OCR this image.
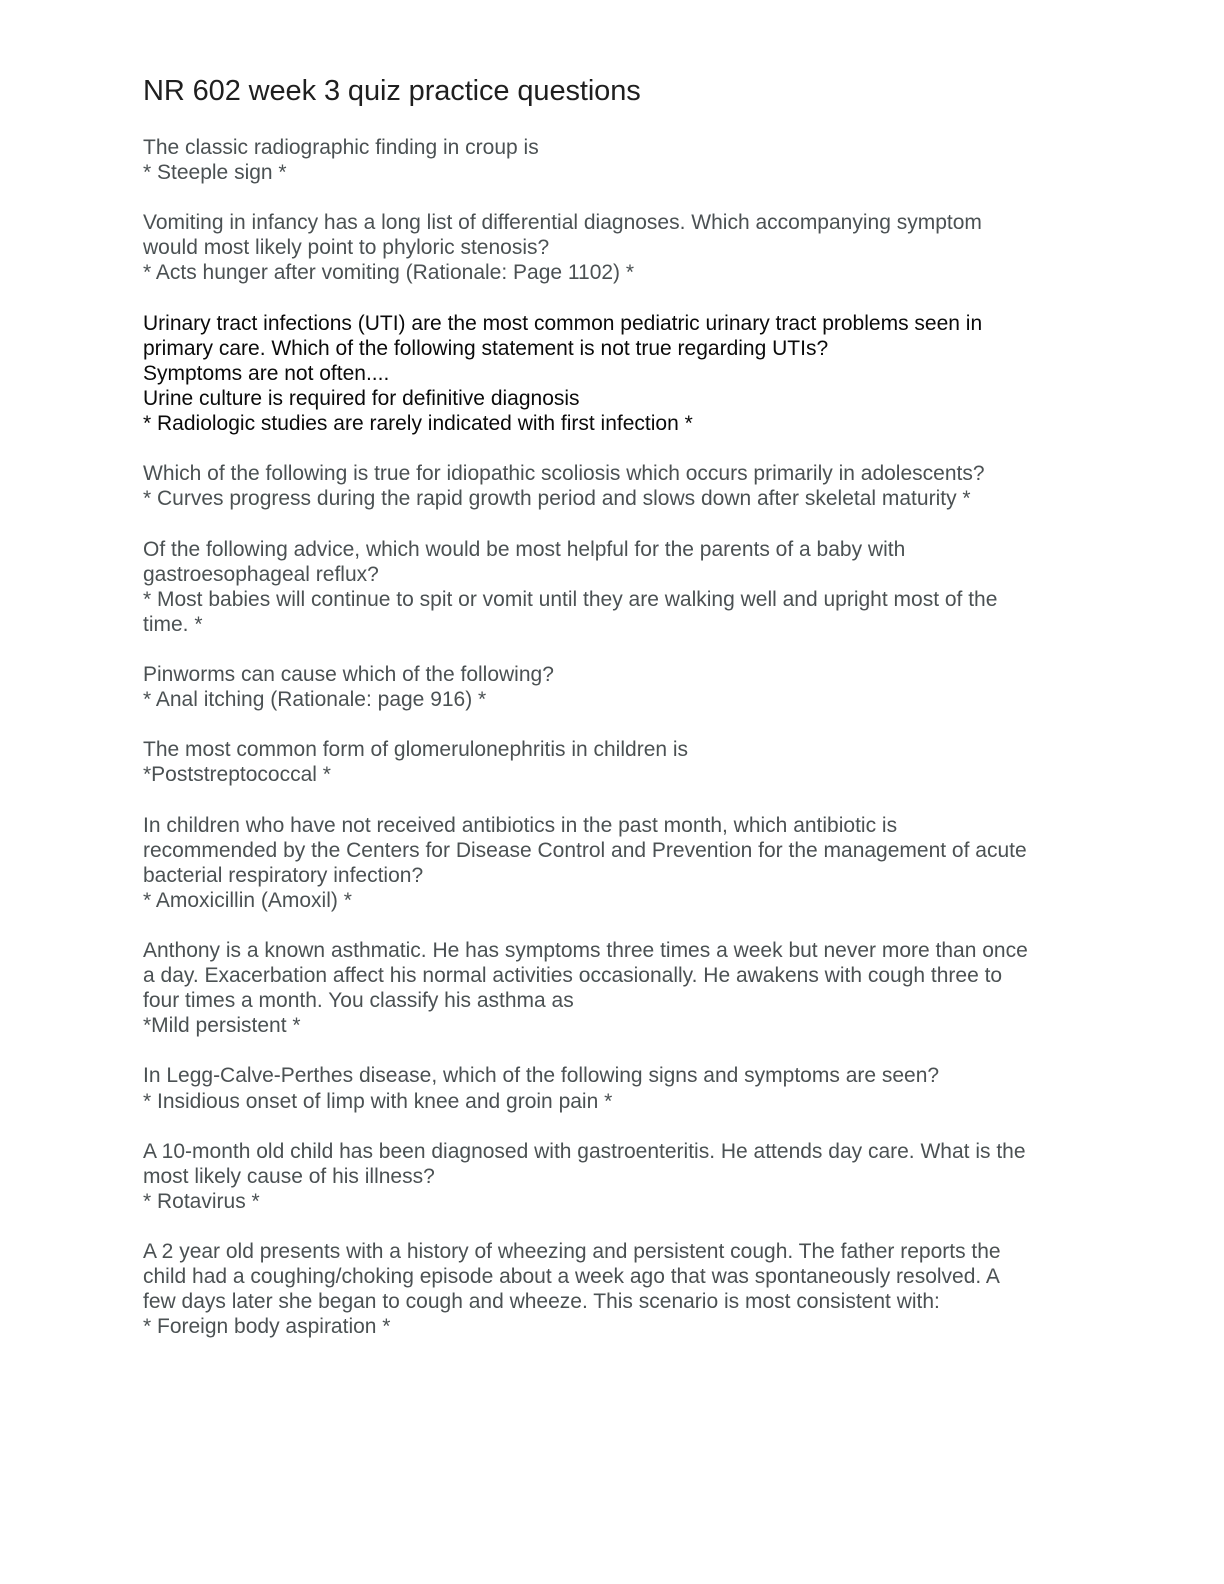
NR 602 week 3 quiz practice questions
The classic radiographic finding in croup is
* Steeple sign *
Vomiting in infancy has a long list of differential diagnoses. Which accompanying symptom
would most likely point to phyloric stenosis?
* Acts hunger after vomiting (Rationale: Page 1102) *
Urinary tract infections (UTI) are the most common pediatric urinary tract problems seen in
primary care. Which of the following statement is not true regarding UTIs?
Symptoms are not often....
Urine culture is required for definitive diagnosis
* Radiologic studies are rarely indicated with first infection *
Which of the following is true for idiopathic scoliosis which occurs primarily in adolescents?
* Curves progress during the rapid growth period and slows down after skeletal maturity *
Of the following advice, which would be most helpful for the parents of a baby with
gastroesophageal reflux?
* Most babies will continue to spit or vomit until they are walking well and upright most of the
time. *
Pinworms can cause which of the following?
* Anal itching (Rationale: page 916) *
The most common form of glomerulonephritis in children is
*Poststreptococcal *
In children who have not received antibiotics in the past month, which antibiotic is
recommended by the Centers for Disease Control and Prevention for the management of acute
bacterial respiratory infection?
* Amoxicillin (Amoxil) *
Anthony is a known asthmatic. He has symptoms three times a week but never more than once
a day. Exacerbation affect his normal activities occasionally. He awakens with cough three to
four times a month. You classify his asthma as
*Mild persistent *
In Legg-Calve-Perthes disease, which of the following signs and symptoms are seen?
* Insidious onset of limp with knee and groin pain *
A 10-month old child has been diagnosed with gastroenteritis. He attends day care. What is the
most likely cause of his illness?
* Rotavirus *
A 2 year old presents with a history of wheezing and persistent cough. The father reports the
child had a coughing/choking episode about a week ago that was spontaneously resolved. A
few days later she began to cough and wheeze. This scenario is most consistent with:
* Foreign body aspiration *
